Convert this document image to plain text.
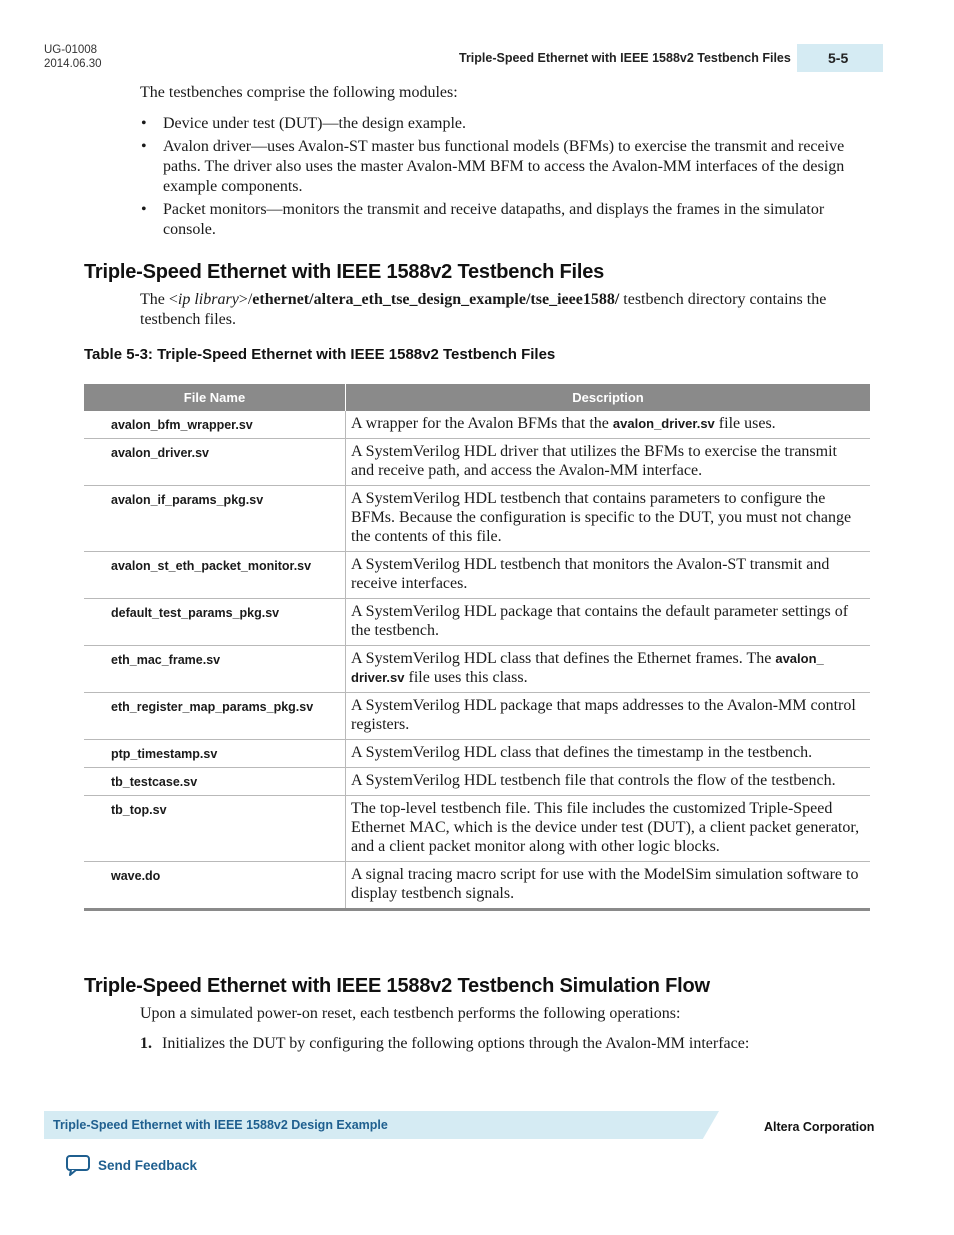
UG-01008
2014.06.30	Triple-Speed Ethernet with IEEE 1588v2 Testbench Files	5-5
The testbenches comprise the following modules:
• Device under test (DUT)—the design example.
• Avalon driver—uses Avalon-ST master bus functional models (BFMs) to exercise the transmit and receive paths. The driver also uses the master Avalon-MM BFM to access the Avalon-MM interfaces of the design example components.
• Packet monitors—monitors the transmit and receive datapaths, and displays the frames in the simulator console.
Triple-Speed Ethernet with IEEE 1588v2 Testbench Files
The <ip library>/ethernet/altera_eth_tse_design_example/tse_ieee1588/ testbench directory contains the testbench files.
Table 5-3: Triple-Speed Ethernet with IEEE 1588v2 Testbench Files
File Name	Description
avalon_bfm_wrapper.sv	A wrapper for the Avalon BFMs that the avalon_driver.sv file uses.
avalon_driver.sv	A SystemVerilog HDL driver that utilizes the BFMs to exercise the transmit and receive path, and access the Avalon-MM interface.
avalon_if_params_pkg.sv	A SystemVerilog HDL testbench that contains parameters to configure the BFMs. Because the configuration is specific to the DUT, you must not change the contents of this file.
avalon_st_eth_packet_monitor.sv	A SystemVerilog HDL testbench that monitors the Avalon-ST transmit and receive interfaces.
default_test_params_pkg.sv	A SystemVerilog HDL package that contains the default parameter settings of the testbench.
eth_mac_frame.sv	A SystemVerilog HDL class that defines the Ethernet frames. The avalon_ driver.sv file uses this class.
eth_register_map_params_pkg.sv	A SystemVerilog HDL package that maps addresses to the Avalon-MM control registers.
ptp_timestamp.sv	A SystemVerilog HDL class that defines the timestamp in the testbench.
tb_testcase.sv	A SystemVerilog HDL testbench file that controls the flow of the testbench.
tb_top.sv	The top-level testbench file. This file includes the customized Triple-Speed Ethernet MAC, which is the device under test (DUT), a client packet generator, and a client packet monitor along with other logic blocks.
wave.do	A signal tracing macro script for use with the ModelSim simulation software to display testbench signals.
Triple-Speed Ethernet with IEEE 1588v2 Testbench Simulation Flow
Upon a simulated power-on reset, each testbench performs the following operations:
1. Initializes the DUT by configuring the following options through the Avalon-MM interface:
Triple-Speed Ethernet with IEEE 1588v2 Design Example	Altera Corporation
Send Feedback
